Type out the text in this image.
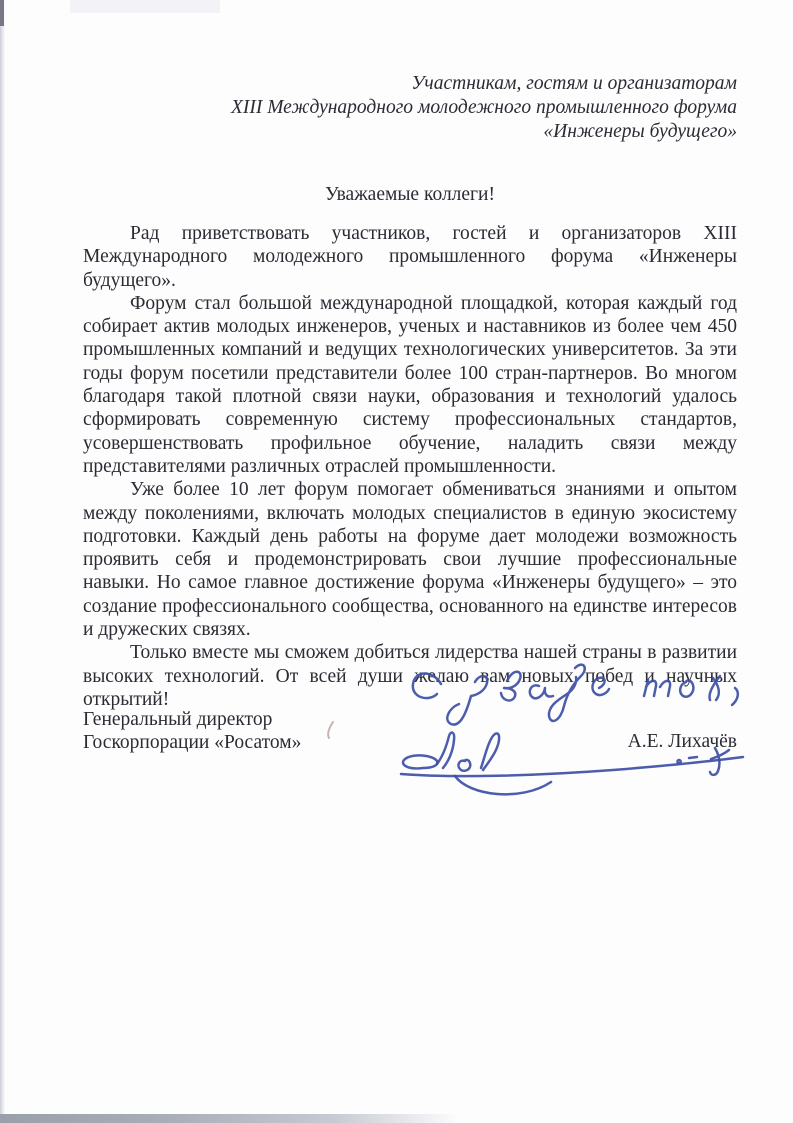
Участникам, гостям и организаторам
XIII Международного молодежного промышленного форума
«Инженеры будущего»
Уважаемые коллеги!

Рад приветствовать участников, гостей и организаторов XIII Международного молодежного промышленного форума «Инженеры будущего».

Форум стал большой международной площадкой, которая каждый год собирает актив молодых инженеров, ученых и наставников из более чем 450 промышленных компаний и ведущих технологических университетов. За эти годы форум посетили представители более 100 стран-партнеров. Во многом благодаря такой плотной связи науки, образования и технологий удалось сформировать современную систему профессиональных стандартов, усовершенствовать профильное обучение, наладить связи между представителями различных отраслей промышленности.

Уже более 10 лет форум помогает обмениваться знаниями и опытом между поколениями, включать молодых специалистов в единую экосистему подготовки. Каждый день работы на форуме дает молодежи возможность проявить себя и продемонстрировать свои лучшие профессиональные навыки. Но самое главное достижение форума «Инженеры будущего» – это создание профессионального сообщества, основанного на единстве интересов и дружеских связях.

Только вместе мы сможем добиться лидерства нашей страны в развитии высоких технологий. От всей души желаю вам новых побед и научных открытий!

Генеральный директор
Госкорпорации «Росатом»	А.Е. Лихачёв
